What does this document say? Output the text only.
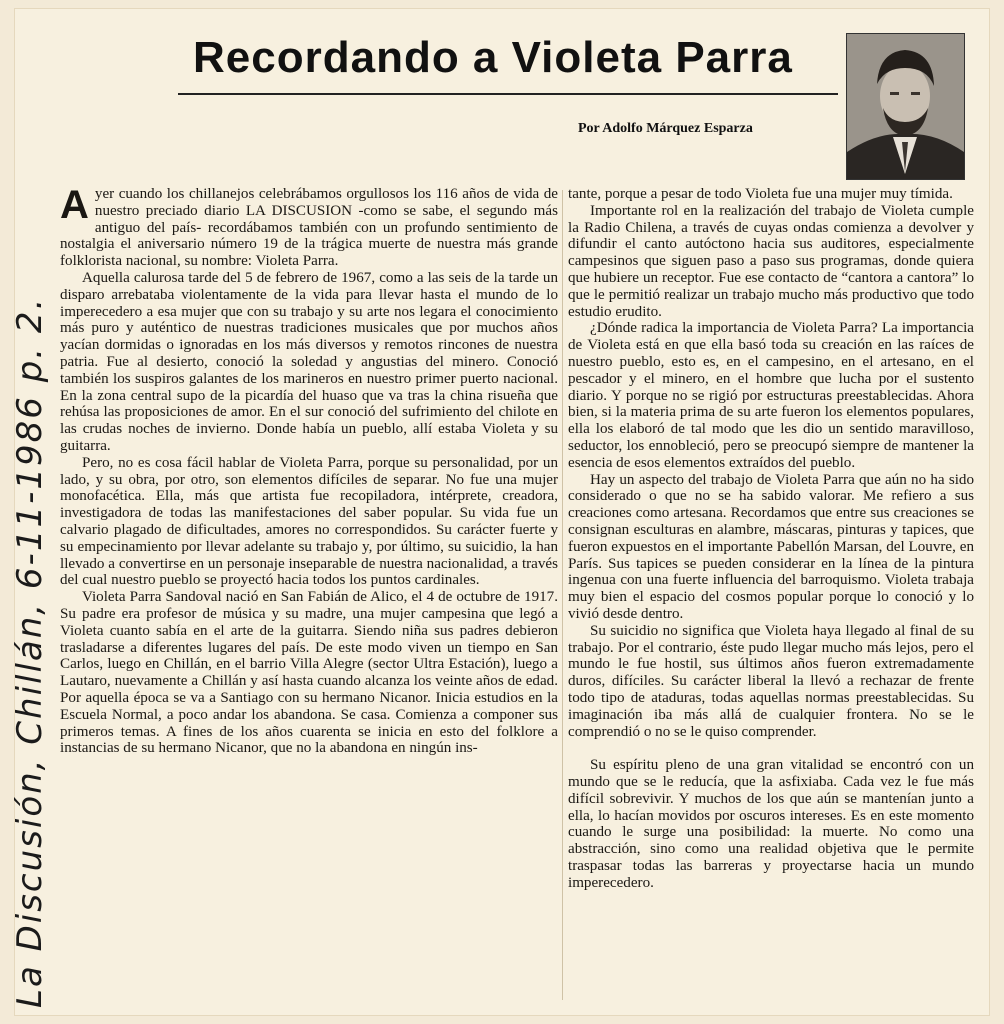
Recordando a Violeta Parra
Por Adolfo Márquez Esparza
La Discusión, Chillán, 6-11-1986 p. 2.

Ayer cuando los chillanejos celebrábamos orgullosos los 116 años de vida de nuestro preciado diario LA DISCUSION -como se sabe, el segundo más antiguo del país- recordábamos también con un profundo sentimiento de nostalgia el aniversario número 19 de la trágica muerte de nuestra más grande folklorista nacional, su nombre: Violeta Parra.

Aquella calurosa tarde del 5 de febrero de 1967, como a las seis de la tarde un disparo arrebataba violentamente de la vida para llevar hasta el mundo de lo imperecedero a esa mujer que con su trabajo y su arte nos legara el conocimiento más puro y auténtico de nuestras tradiciones musicales que por muchos años yacían dormidas o ignoradas en los más diversos y remotos rincones de nuestra patria. Fue al desierto, conoció la soledad y angustias del minero. Conoció también los suspiros galantes de los marineros en nuestro primer puerto nacional. En la zona central supo de la picardía del huaso que va tras la china risueña que rehúsa las proposiciones de amor. En el sur conoció del sufrimiento del chilote en las crudas noches de invierno. Donde había un pueblo, allí estaba Violeta y su guitarra.

Pero, no es cosa fácil hablar de Violeta Parra, porque su personalidad, por un lado, y su obra, por otro, son elementos difíciles de separar. No fue una mujer monofacética. Ella, más que artista fue recopiladora, intérprete, creadora, investigadora de todas las manifestaciones del saber popular. Su vida fue un calvario plagado de dificultades, amores no correspondidos. Su carácter fuerte y su empecinamiento por llevar adelante su trabajo y, por último, su suicidio, la han llevado a convertirse en un personaje inseparable de nuestra nacionalidad, a través del cual nuestro pueblo se proyectó hacia todos los puntos cardinales.

Violeta Parra Sandoval nació en San Fabián de Alico, el 4 de octubre de 1917. Su padre era profesor de música y su madre, una mujer campesina que legó a Violeta cuanto sabía en el arte de la guitarra. Siendo niña sus padres debieron trasladarse a diferentes lugares del país. De este modo viven un tiempo en San Carlos, luego en Chillán, en el barrio Villa Alegre (sector Ultra Estación), luego a Lautaro, nuevamente a Chillán y así hasta cuando alcanza los veinte años de edad. Por aquella época se va a Santiago con su hermano Nicanor. Inicia estudios en la Escuela Normal, a poco andar los abandona. Se casa. Comienza a componer sus primeros temas. A fines de los años cuarenta se inicia en esto del folklore a instancias de su hermano Nicanor, que no la abandona en ningún ins-

tante, porque a pesar de todo Violeta fue una mujer muy tímida.

Importante rol en la realización del trabajo de Violeta cumple la Radio Chilena, a través de cuyas ondas comienza a devolver y difundir el canto autóctono hacia sus auditores, especialmente campesinos que siguen paso a paso sus programas, donde quiera que hubiere un receptor. Fue ese contacto de “cantora a cantora” lo que le permitió realizar un trabajo mucho más productivo que todo estudio erudito.

¿Dónde radica la importancia de Violeta Parra? La importancia de Violeta está en que ella basó toda su creación en las raíces de nuestro pueblo, esto es, en el campesino, en el artesano, en el pescador y el minero, en el hombre que lucha por el sustento diario. Y porque no se rigió por estructuras preestablecidas. Ahora bien, si la materia prima de su arte fueron los elementos populares, ella los elaboró de tal modo que les dio un sentido maravilloso, seductor, los ennobleció, pero se preocupó siempre de mantener la esencia de esos elementos extraídos del pueblo.

Hay un aspecto del trabajo de Violeta Parra que aún no ha sido considerado o que no se ha sabido valorar. Me refiero a sus creaciones como artesana. Recordamos que entre sus creaciones se consignan esculturas en alambre, máscaras, pinturas y tapices, que fueron expuestos en el importante Pabellón Marsan, del Louvre, en París. Sus tapices se pueden considerar en la línea de la pintura ingenua con una fuerte influencia del barroquismo. Violeta trabaja muy bien el espacio del cosmos popular porque lo conoció y lo vivió desde dentro.

Su suicidio no significa que Violeta haya llegado al final de su trabajo. Por el contrario, éste pudo llegar mucho más lejos, pero el mundo le fue hostil, sus últimos años fueron extremadamente duros, difíciles. Su carácter liberal la llevó a rechazar de frente todo tipo de ataduras, todas aquellas normas preestablecidas. Su imaginación iba más allá de cualquier frontera. No se le comprendió o no se le quiso comprender.

Su espíritu pleno de una gran vitalidad se encontró con un mundo que se le reducía, que la asfixiaba. Cada vez le fue más difícil sobrevivir. Y muchos de los que aún se mantenían junto a ella, lo hacían movidos por oscuros intereses. Es en este momento cuando le surge una posibilidad: la muerte. No como una abstracción, sino como una realidad objetiva que le permite traspasar todas las barreras y proyectarse hacia un mundo imperecedero.
